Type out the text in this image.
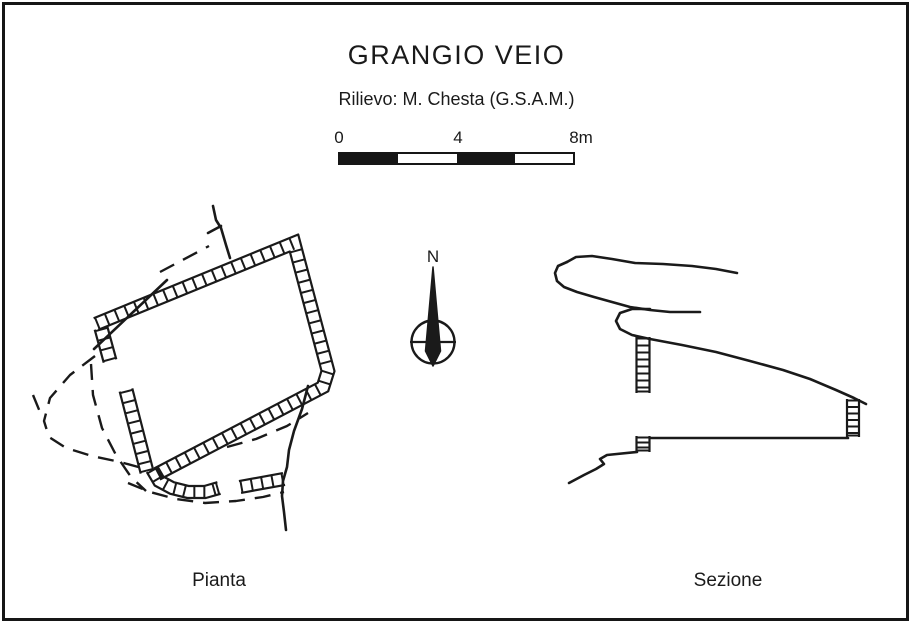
GRANGIO VEIO
Rilievo: M. Chesta (G.S.A.M.)
0	4	8m
N
Pianta	Sezione
